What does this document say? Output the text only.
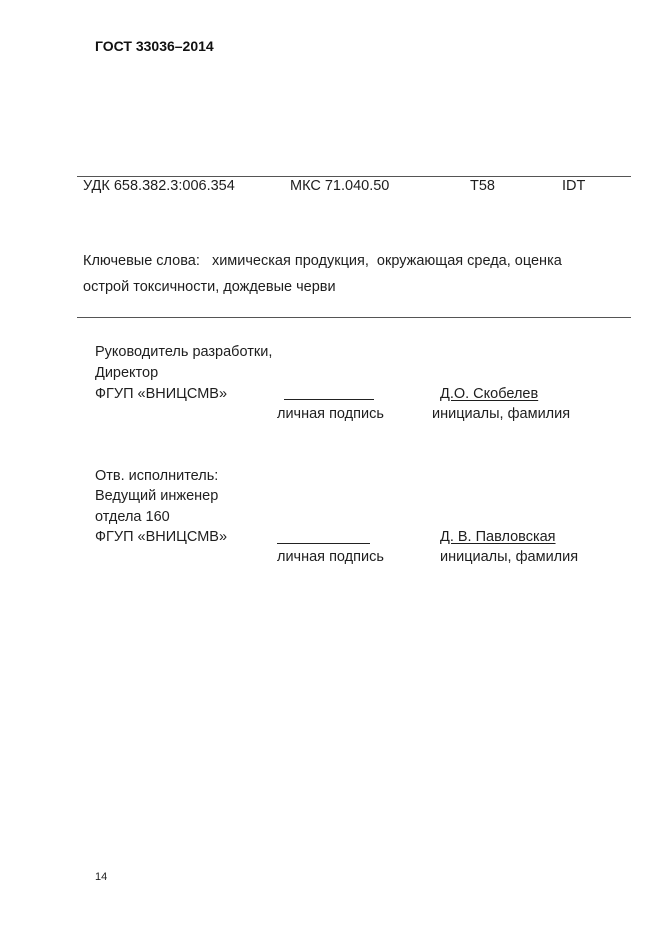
ГОСТ 33036–2014
УДК 658.382.3:006.354	МКС 71.040.50	Т58	IDT
Ключевые слова:   химическая продукция,  окружающая среда, оценка
острой токсичности, дождевые черви
Руководитель разработки,
Директор
ФГУП «ВНИЦСМВ»	Д.О. Скобелев
личная подпись	инициалы, фамилия
Отв. исполнитель:
Ведущий инженер
отдела 160
ФГУП «ВНИЦСМВ»	Д. В. Павловская
личная подпись	инициалы, фамилия
14
